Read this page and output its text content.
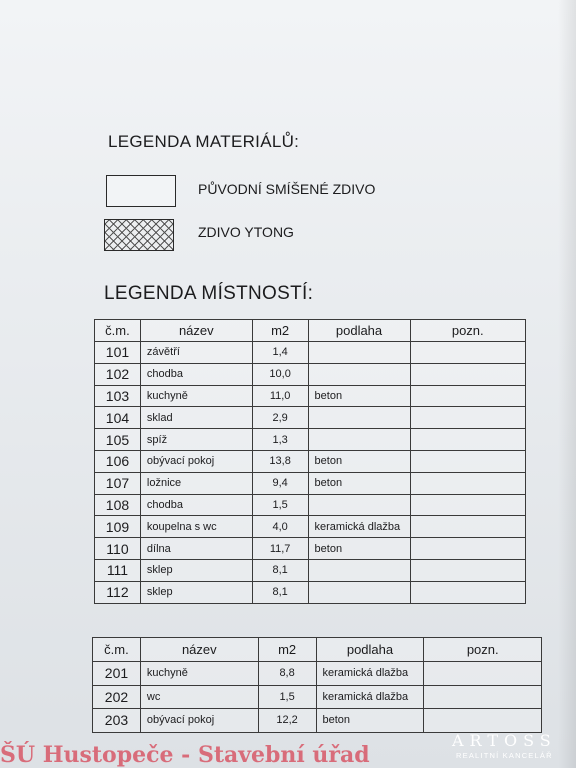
LEGENDA MATERIÁLŮ:
PŮVODNÍ SMÍŠENÉ ZDIVO
ZDIVO YTONG
LEGENDA MÍSTNOSTÍ:
č.m.	název	m2	podlaha	pozn.
101	závětří	1,4		
102	chodba	10,0		
103	kuchyně	11,0	beton	
104	sklad	2,9		
105	spíž	1,3		
106	obývací pokoj	13,8	beton	
107	ložnice	9,4	beton	
108	chodba	1,5		
109	koupelna s wc	4,0	keramická dlažba	
110	dílna	11,7	beton	
111	sklep	8,1		
112	sklep	8,1		
č.m.	název	m2	podlaha	pozn.
201	kuchyně	8,8	keramická dlažba	
202	wc	1,5	keramická dlažba	
203	obývací pokoj	12,2	beton	
ŠÚ Hustopeče - Stavební úřad
ARTOSS
REALITNÍ KANCELÁŘ
